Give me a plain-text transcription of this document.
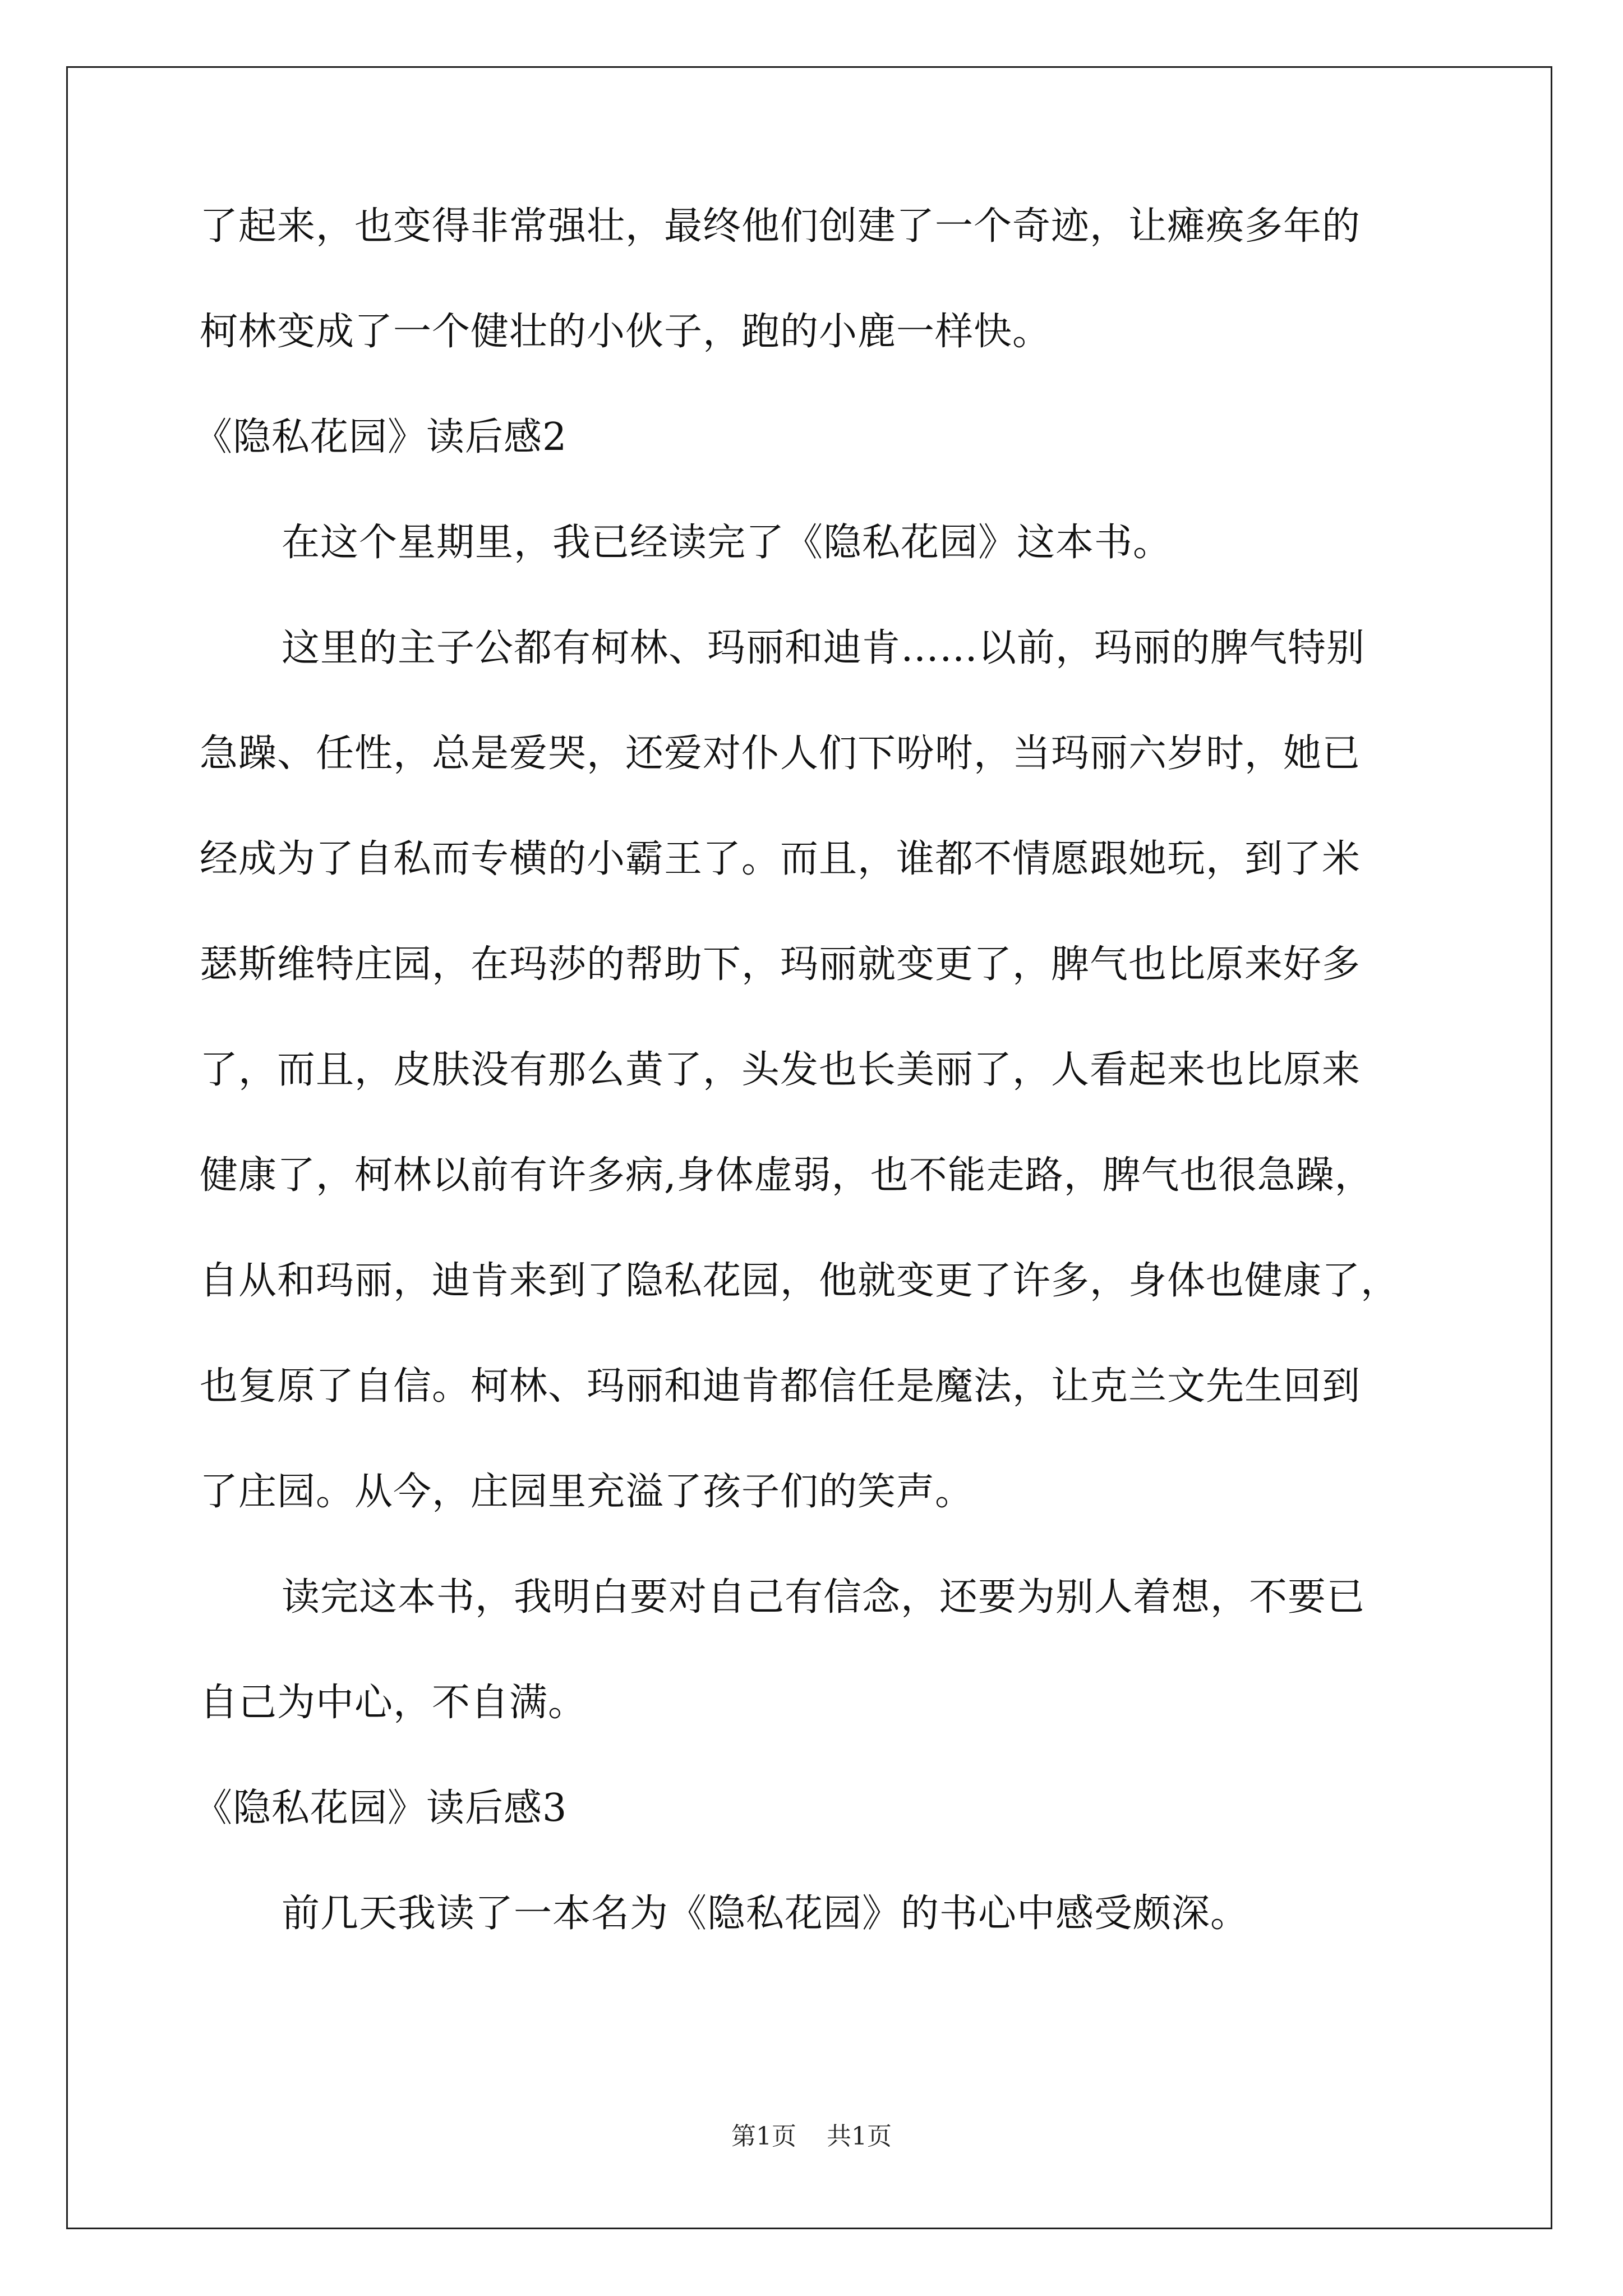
了起来，也变得非常强壮，最终他们创建了一个奇迹，让瘫痪多年的
柯林变成了一个健壮的小伙子，跑的小鹿一样快。
《隐私花园》读后感2
在这个星期里，我已经读完了《隐私花园》这本书。
这里的主子公都有柯林、玛丽和迪肯……以前，玛丽的脾气特别
急躁、任性，总是爱哭，还爱对仆人们下吩咐，当玛丽六岁时，她已
经成为了自私而专横的小霸王了。而且，谁都不情愿跟她玩，到了米
瑟斯维特庄园，在玛莎的帮助下，玛丽就变更了，脾气也比原来好多
了，而且，皮肤没有那么黄了，头发也长美丽了，人看起来也比原来
健康了，柯林以前有许多病,身体虚弱，也不能走路，脾气也很急躁，
自从和玛丽，迪肯来到了隐私花园，他就变更了许多，身体也健康了，
也复原了自信。柯林、玛丽和迪肯都信任是魔法，让克兰文先生回到
了庄园。从今，庄园里充溢了孩子们的笑声。
读完这本书，我明白要对自己有信念，还要为别人着想，不要已
自己为中心，不自满。
《隐私花园》读后感3
前几天我读了一本名为《隐私花园》的书心中感受颇深。
第1页 共1页
